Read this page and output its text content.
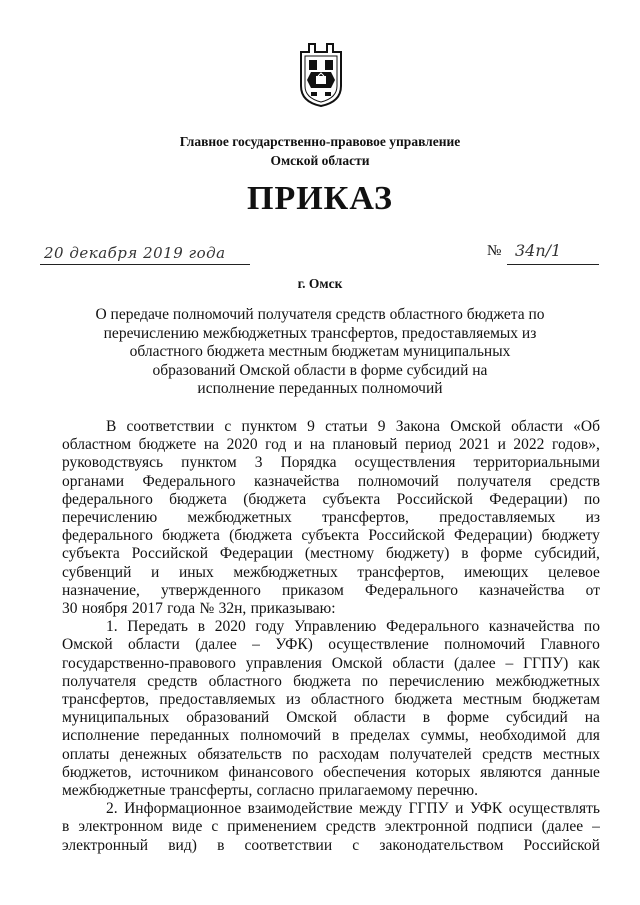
Главное государственно-правовое управление
Омской области
ПРИКАЗ
20 декабря 2019 года	№ 34п/1
г. Омск
О передаче полномочий получателя средств областного бюджета по
перечислению межбюджетных трансфертов, предоставляемых из
областного бюджета местным бюджетам муниципальных
образований Омской области в форме субсидий на
исполнение переданных полномочий
В соответствии с пунктом 9 статьи 9 Закона Омской области «Об
областном бюджете на 2020 год и на плановый период 2021 и 2022 годов»,
руководствуясь пунктом 3 Порядка осуществления территориальными
органами Федерального казначейства полномочий получателя средств
федерального бюджета (бюджета субъекта Российской Федерации) по
перечислению межбюджетных трансфертов, предоставляемых из
федерального бюджета (бюджета субъекта Российской Федерации) бюджету
субъекта Российской Федерации (местному бюджету) в форме субсидий,
субвенций и иных межбюджетных трансфертов, имеющих целевое
назначение, утвержденного приказом Федерального казначейства от
30 ноября 2017 года № 32н, приказываю:
1. Передать в 2020 году Управлению Федерального казначейства по
Омской области (далее – УФК) осуществление полномочий Главного
государственно-правового управления Омской области (далее – ГГПУ) как
получателя средств областного бюджета по перечислению межбюджетных
трансфертов, предоставляемых из областного бюджета местным бюджетам
муниципальных образований Омской области в форме субсидий на
исполнение переданных полномочий в пределах суммы, необходимой для
оплаты денежных обязательств по расходам получателей средств местных
бюджетов, источником финансового обеспечения которых являются данные
межбюджетные трансферты, согласно прилагаемому перечню.
2. Информационное взаимодействие между ГГПУ и УФК осуществлять
в электронном виде с применением средств электронной подписи (далее –
электронный вид) в соответствии с законодательством Российской
